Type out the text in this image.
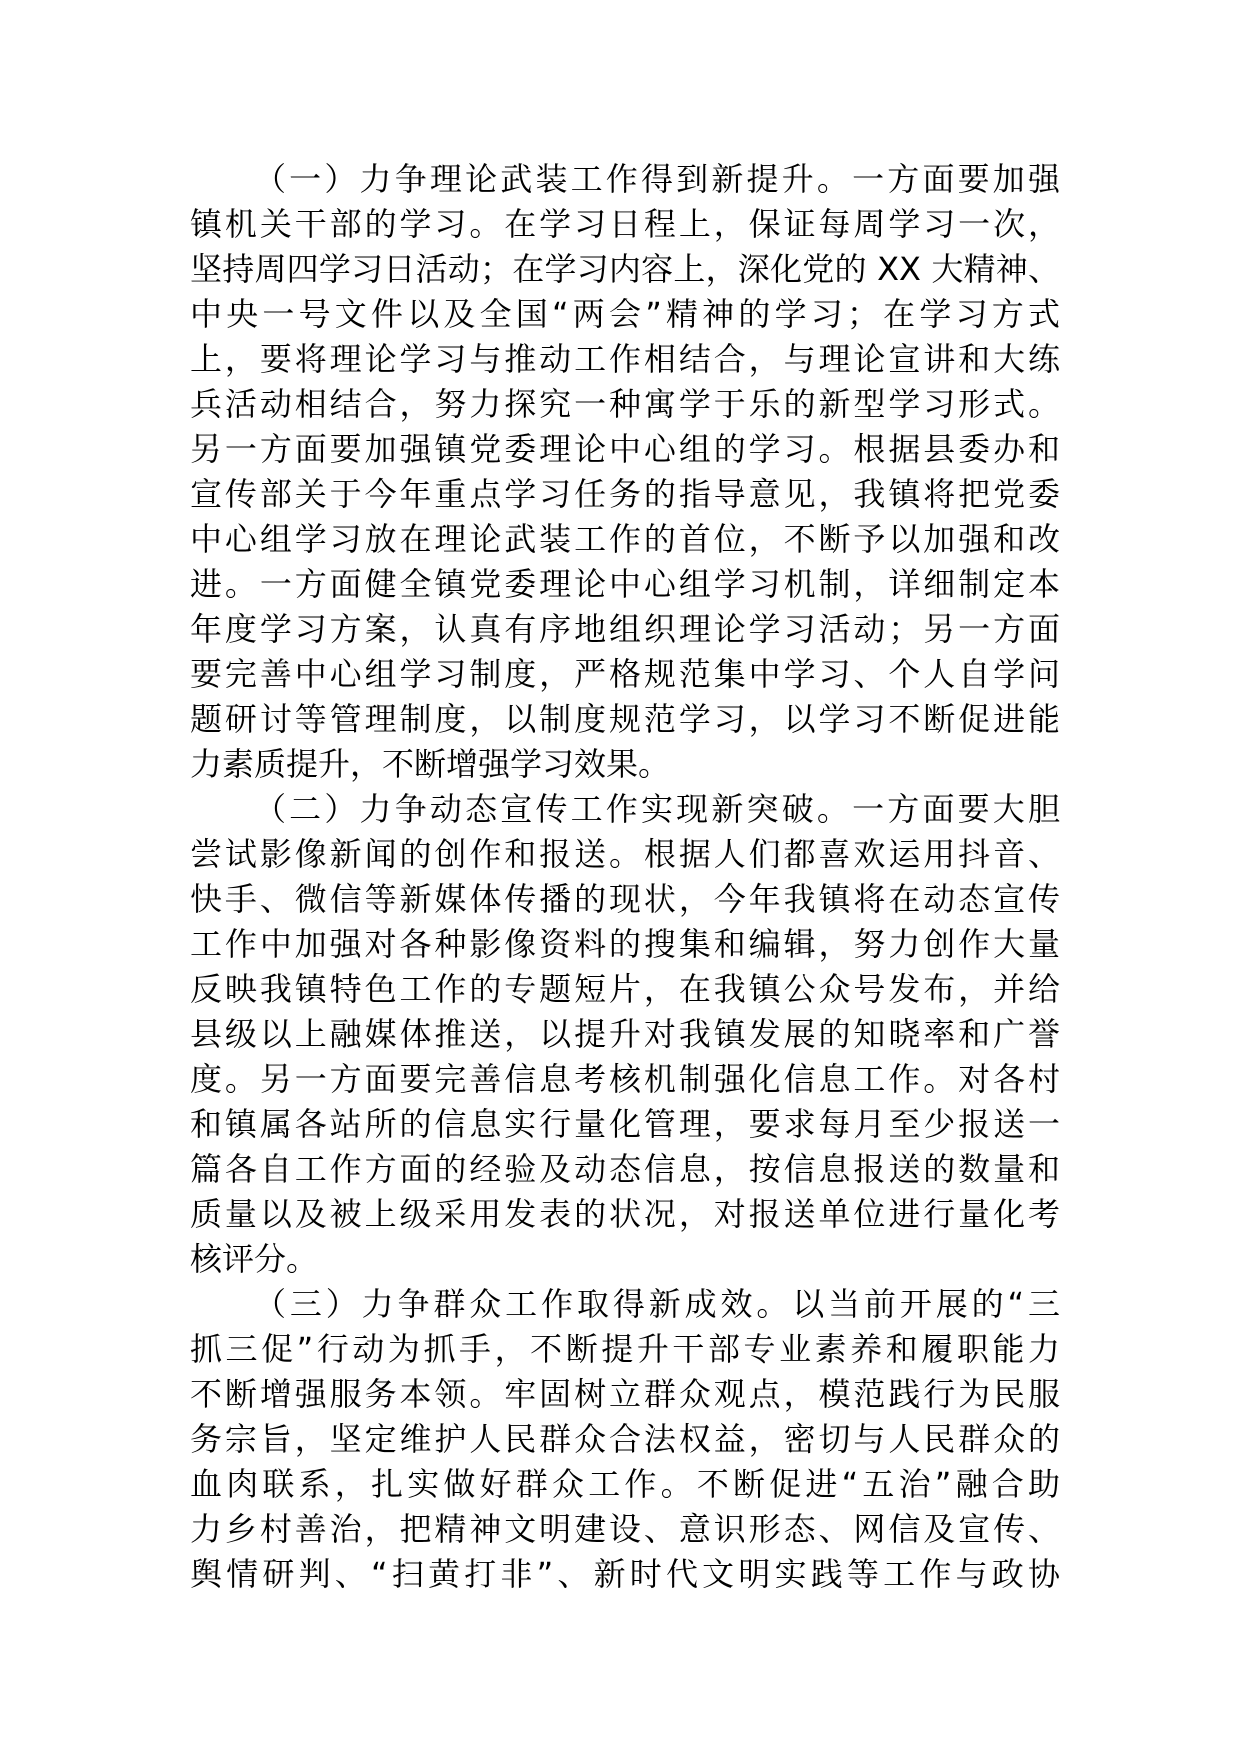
（一）力争理论武装工作得到新提升。一方面要加强
镇机关干部的学习。在学习日程上，保证每周学习一次，
坚持周四学习日活动；在学习内容上，深化党的 XX 大精神、
中央一号文件以及全国“两会”精神的学习；在学习方式
上，要将理论学习与推动工作相结合，与理论宣讲和大练
兵活动相结合，努力探究一种寓学于乐的新型学习形式。
另一方面要加强镇党委理论中心组的学习。根据县委办和
宣传部关于今年重点学习任务的指导意见，我镇将把党委
中心组学习放在理论武装工作的首位，不断予以加强和改
进。一方面健全镇党委理论中心组学习机制，详细制定本
年度学习方案，认真有序地组织理论学习活动；另一方面
要完善中心组学习制度，严格规范集中学习、个人自学问
题研讨等管理制度，以制度规范学习，以学习不断促进能
力素质提升，不断增强学习效果。
（二）力争动态宣传工作实现新突破。一方面要大胆
尝试影像新闻的创作和报送。根据人们都喜欢运用抖音、
快手、微信等新媒体传播的现状，今年我镇将在动态宣传
工作中加强对各种影像资料的搜集和编辑，努力创作大量
反映我镇特色工作的专题短片，在我镇公众号发布，并给
县级以上融媒体推送，以提升对我镇发展的知晓率和广誉
度。另一方面要完善信息考核机制强化信息工作。对各村
和镇属各站所的信息实行量化管理，要求每月至少报送一
篇各自工作方面的经验及动态信息，按信息报送的数量和
质量以及被上级采用发表的状况，对报送单位进行量化考
核评分。
（三）力争群众工作取得新成效。以当前开展的“三
抓三促”行动为抓手，不断提升干部专业素养和履职能力
不断增强服务本领。牢固树立群众观点，模范践行为民服
务宗旨，坚定维护人民群众合法权益，密切与人民群众的
血肉联系，扎实做好群众工作。不断促进“五治”融合助
力乡村善治，把精神文明建设、意识形态、网信及宣传、
舆情研判、“扫黄打非”、新时代文明实践等工作与政协
